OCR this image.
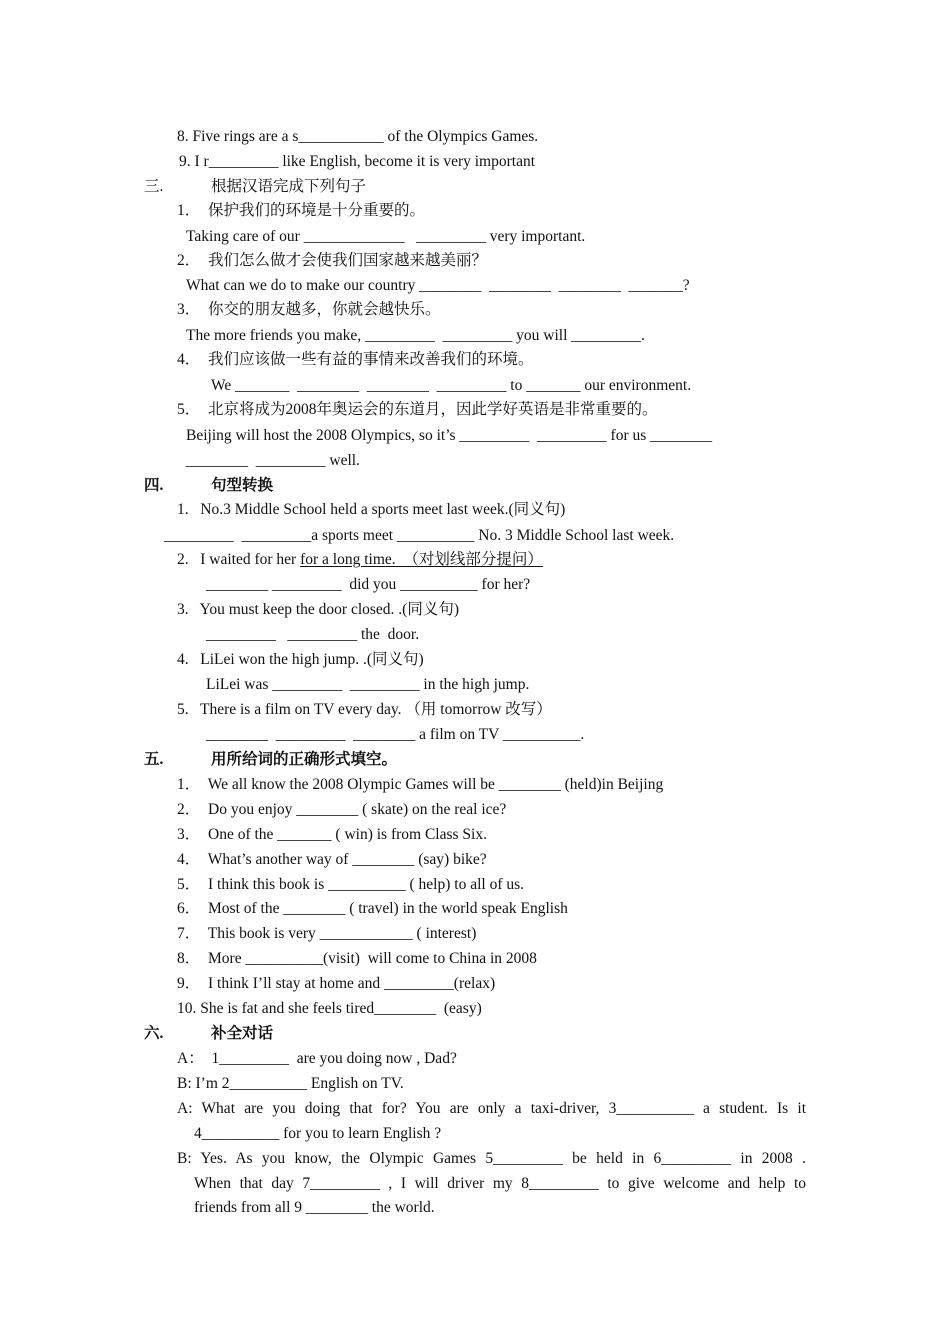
8. Five rings are a s___________ of the Olympics Games.
9. I r_________ like English, become it is very important
三.	根据汉语完成下列句子
1．  保护我们的环境是十分重要的。
Taking care of our _____________   _________ very important.
2．  我们怎么做才会使我们国家越来越美丽？
What can we do to make our country ________  ________  ________  _______?
3．  你交的朋友越多，你就会越快乐。
The more friends you make, _________  _________ you will _________.
4．  我们应该做一些有益的事情来改善我们的环境。
We _______  ________  ________  _________ to _______ our environment.
5．  北京将成为2008年奥运会的东道月，因此学好英语是非常重要的。
Beijing will host the 2008 Olympics, so it’s _________  _________ for us ________
________  _________ well.
四.	句型转换
1.   No.3 Middle School held a sports meet last week.(同义句)
_________  _________a sports meet __________ No. 3 Middle School last week.
2.   I waited for her for a long time.  （对划线部分提问）
________ _________  did you __________ for her?
3.   You must keep the door closed. .(同义句)
_________   _________ the  door.
4.   LiLei won the high jump. .(同义句)
LiLei was _________  _________ in the high jump.
5.   There is a film on TV every day. （用 tomorrow 改写）
________  _________  ________ a film on TV __________.
五.	用所给词的正确形式填空。
1．  We all know the 2008 Olympic Games will be ________ (held)in Beijing
2．  Do you enjoy ________ ( skate) on the real ice?
3．  One of the _______ ( win) is from Class Six.
4．  What’s another way of ________ (say) bike?
5．  I think this book is __________ ( help) to all of us.
6．  Most of the ________ ( travel) in the world speak English
7．  This book is very ____________ ( interest)
8．  More __________(visit)  will come to China in 2008
9．  I think I’ll stay at home and _________(relax)
10. She is fat and she feels tired________  (easy)
六.	补全对话
A：  1_________  are you doing now , Dad?
B: I’m 2__________ English on TV.
A: What are you doing that for? You are only a taxi-driver, 3__________ a student. Is it
4__________ for you to learn English ?
B: Yes. As you know, the Olympic Games 5_________ be held in 6_________ in 2008 .
When that day 7_________ , I will driver my 8_________ to give welcome and help to
friends from all 9 ________ the world.
